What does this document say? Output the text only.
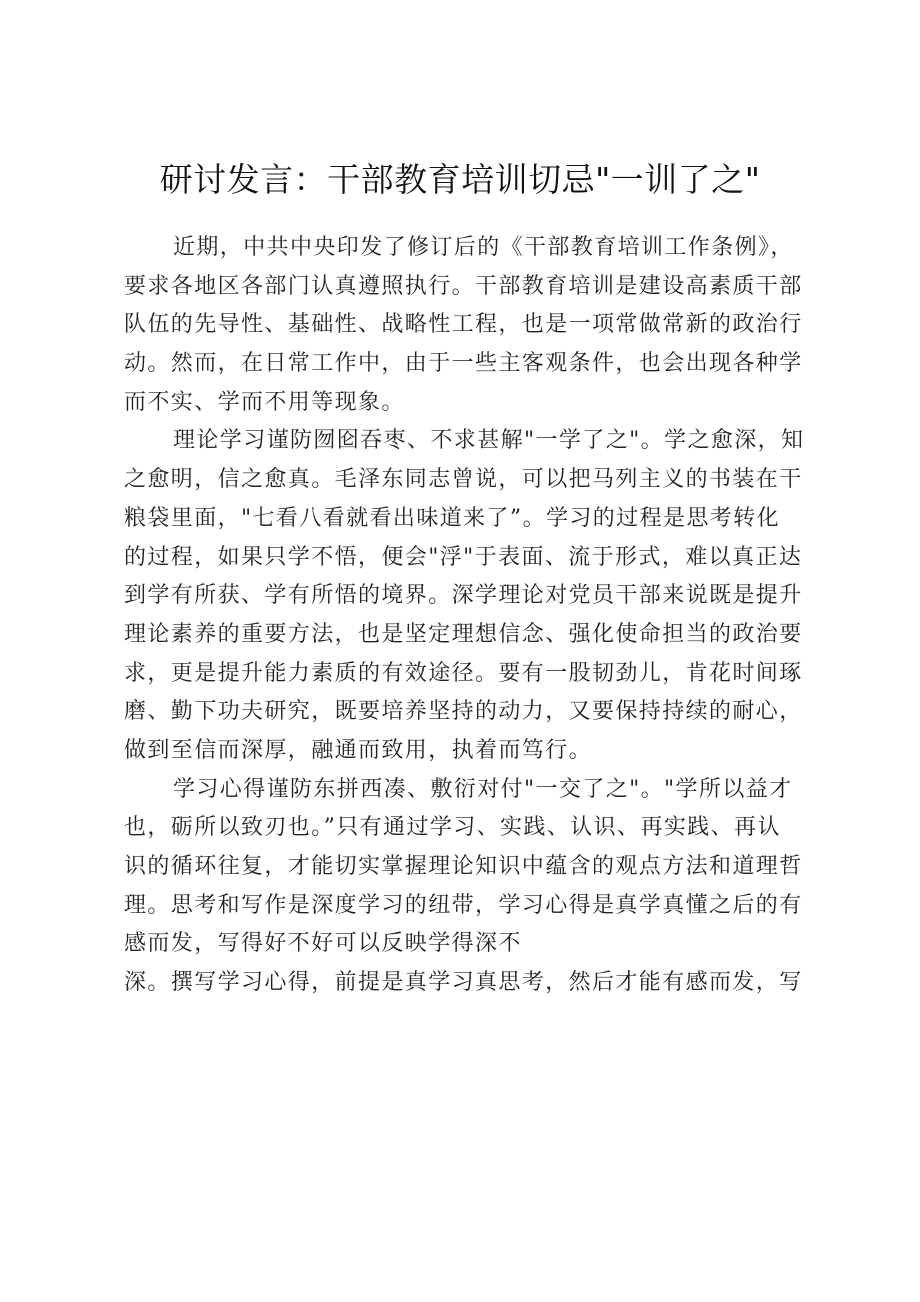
研讨发言：干部教育培训切忌"一训了之"
近期，中共中央印发了修订后的《干部教育培训工作条例》，
要求各地区各部门认真遵照执行。干部教育培训是建设高素质干部
队伍的先导性、基础性、战略性工程，也是一项常做常新的政治行
动。然而，在日常工作中，由于一些主客观条件，也会出现各种学
而不实、学而不用等现象。
理论学习谨防囫囵吞枣、不求甚解"一学了之"。学之愈深，知
之愈明，信之愈真。毛泽东同志曾说，可以把马列主义的书装在干
粮袋里面，"七看八看就看出味道来了”。学习的过程是思考转化
的过程，如果只学不悟，便会"浮"于表面、流于形式，难以真正达
到学有所获、学有所悟的境界。深学理论对党员干部来说既是提升
理论素养的重要方法，也是坚定理想信念、强化使命担当的政治要
求，更是提升能力素质的有效途径。要有一股韧劲儿，肯花时间琢
磨、勤下功夫研究，既要培养坚持的动力，又要保持持续的耐心，
做到至信而深厚，融通而致用，执着而笃行。
学习心得谨防东拼西凑、敷衍对付"一交了之"。"学所以益才
也，砺所以致刃也。”只有通过学习、实践、认识、再实践、再认
识的循环往复，才能切实掌握理论知识中蕴含的观点方法和道理哲
理。思考和写作是深度学习的纽带，学习心得是真学真懂之后的有
感而发，写得好不好可以反映学得深不
深。撰写学习心得，前提是真学习真思考，然后才能有感而发，写
